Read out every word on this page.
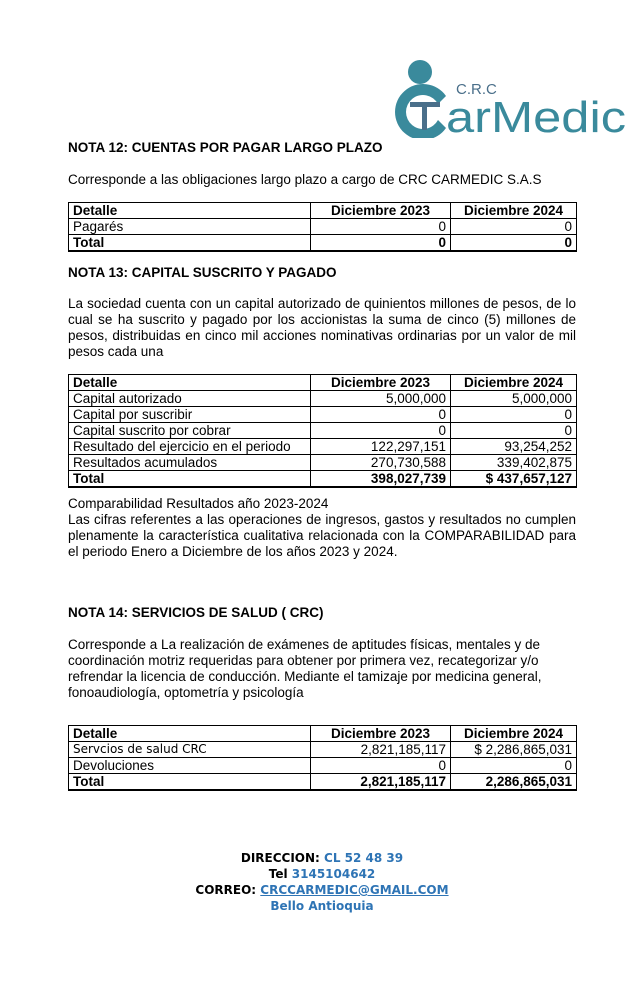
C.R.C
arMedic
NOTA 12: CUENTAS POR PAGAR LARGO PLAZO
Corresponde a las obligaciones largo plazo a cargo de CRC CARMEDIC S.A.S
Detalle	Diciembre 2023	Diciembre 2024
Pagarés	0	0
Total	0	0
NOTA 13: CAPITAL SUSCRITO Y PAGADO
La sociedad cuenta con un capital autorizado de quinientos millones de pesos, de lo cual se ha suscrito y pagado por los accionistas la suma de cinco (5) millones de pesos, distribuidas en cinco mil acciones nominativas ordinarias por un valor de mil pesos cada una
Detalle	Diciembre 2023	Diciembre 2024
Capital autorizado	5,000,000	5,000,000
Capital por suscribir	0	0
Capital suscrito por cobrar	0	0
Resultado del ejercicio en el periodo	122,297,151	93,254,252
Resultados acumulados	270,730,588	339,402,875
Total	398,027,739	$ 437,657,127
Comparabilidad Resultados año 2023-2024
Las cifras referentes a las operaciones de ingresos, gastos y resultados no cumplen plenamente la característica cualitativa relacionada con la COMPARABILIDAD para el periodo Enero a Diciembre de los años 2023 y 2024.
NOTA 14: SERVICIOS DE SALUD ( CRC)
Corresponde a La realización de exámenes de aptitudes físicas, mentales y de coordinación motriz requeridas para obtener por primera vez, recategorizar y/o refrendar la licencia de conducción. Mediante el tamizaje por medicina general, fonoaudiología, optometría y psicología
Detalle	Diciembre 2023	Diciembre 2024
Servcios de salud CRC	2,821,185,117	$ 2,286,865,031
Devoluciones	0	0
Total	2,821,185,117	2,286,865,031
DIRECCION: CL 52 48 39
Tel 3145104642
CORREO: CRCCARMEDIC@GMAIL.COM
Bello Antioquia
